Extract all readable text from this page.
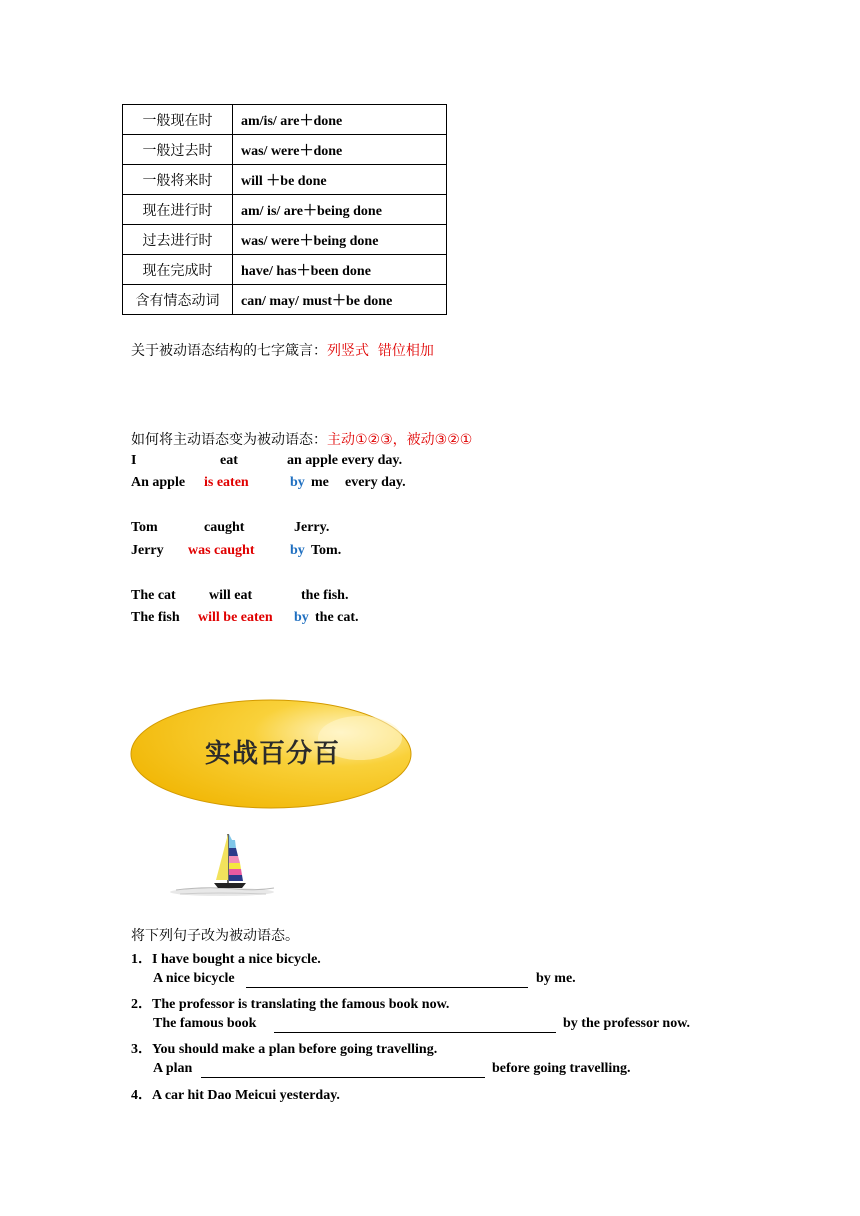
一般现在时	am/is/ are＋done
一般过去时	was/ were＋done
一般将来时	will ＋be done
现在进行时	am/ is/ are＋being done
过去进行时	was/ were＋being done
现在完成时	have/ has＋been done
含有情态动词	can/ may/ must＋be done
关于被动语态结构的七字箴言：列竖式  错位相加
如何将主动语态变为被动语态：主动①②③，被动③②①
I	eat	an apple every day.
An apple is eaten	by me every day.
Tom	caught	Jerry.
Jerry was caught	by Tom.
The cat will eat	the fish.
The fish will be eaten by the cat.
实战百分百
将下列句子改为被动语态。
1．I have bought a nice bicycle.
A nice bicycle	by me.
2．The professor is translating the famous book now.
The famous book	by the professor now.
3．You should make a plan before going travelling.
A plan	before going travelling.
4．A car hit Dao Meicui yesterday.
